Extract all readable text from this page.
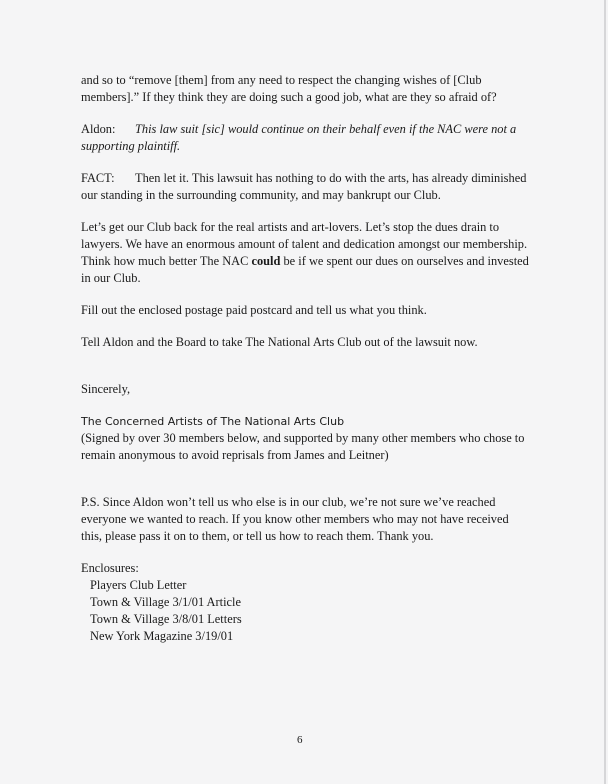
and so to “remove [them] from any need to respect the changing wishes of [Club members].” If they think they are doing such a good job, what are they so afraid of?

Aldon: This law suit [sic] would continue on their behalf even if the NAC were not a supporting plaintiff.

FACT: Then let it. This lawsuit has nothing to do with the arts, has already diminished our standing in the surrounding community, and may bankrupt our Club.

Let’s get our Club back for the real artists and art-lovers. Let’s stop the dues drain to lawyers. We have an enormous amount of talent and dedication amongst our membership. Think how much better The NAC could be if we spent our dues on ourselves and invested in our Club.

Fill out the enclosed postage paid postcard and tell us what you think.

Tell Aldon and the Board to take The National Arts Club out of the lawsuit now.

Sincerely,

The Concerned Artists of The National Arts Club

(Signed by over 30 members below, and supported by many other members who chose to remain anonymous to avoid reprisals from James and Leitner)

P.S. Since Aldon won’t tell us who else is in our club, we’re not sure we’ve reached everyone we wanted to reach. If you know other members who may not have received this, please pass it on to them, or tell us how to reach them. Thank you.

Enclosures:

Players Club Letter

Town & Village 3/1/01 Article

Town & Village 3/8/01 Letters

New York Magazine 3/19/01

6
